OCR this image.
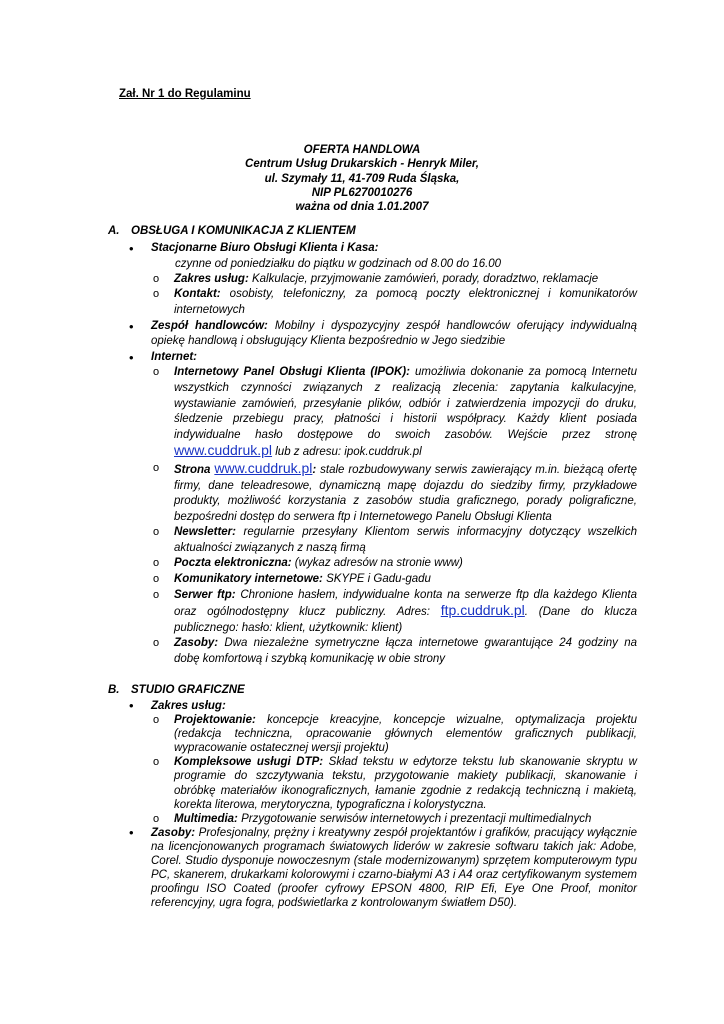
Zał. Nr 1 do Regulaminu

OFERTA HANDLOWA
Centrum Usług Drukarskich - Henryk Miler,
ul. Szymały 11, 41-709 Ruda Śląska,
NIP PL6270010276
ważna od dnia 1.01.2007

A. OBSŁUGA I KOMUNIKACJA Z KLIENTEM

• Stacjonarne Biuro Obsługi Klienta i Kasa:
czynne od poniedziałku do piątku w godzinach od 8.00 do 16.00
o Zakres usług: Kalkulacje, przyjmowanie zamówień, porady, doradztwo, reklamacje
o Kontakt: osobisty, telefoniczny, za pomocą poczty elektronicznej i komunikatorów internetowych
• Zespół handlowców: Mobilny i dyspozycyjny zespół handlowców oferujący indywidualną opiekę handlową i obsługujący Klienta bezpośrednio w Jego siedzibie
• Internet:
o Internetowy Panel Obsługi Klienta (IPOK): umożliwia dokonanie za pomocą Internetu wszystkich czynności związanych z realizacją zlecenia: zapytania kalkulacyjne, wystawianie zamówień, przesyłanie plików, odbiór i zatwierdzenia impozycji do druku, śledzenie przebiegu pracy, płatności i historii współpracy. Każdy klient posiada indywidualne hasło dostępowe do swoich zasobów. Wejście przez stronę www.cuddruk.pl lub z adresu: ipok.cuddruk.pl
o Strona www.cuddruk.pl: stale rozbudowywany serwis zawierający m.in. bieżącą ofertę firmy, dane teleadresowe, dynamiczną mapę dojazdu do siedziby firmy, przykładowe produkty, możliwość korzystania z zasobów studia graficznego, porady poligraficzne, bezpośredni dostęp do serwera ftp i Internetowego Panelu Obsługi Klienta
o Newsletter: regularnie przesyłany Klientom serwis informacyjny dotyczący wszelkich aktualności związanych z naszą firmą
o Poczta elektroniczna: (wykaz adresów na stronie www)
o Komunikatory internetowe: SKYPE i Gadu-gadu
o Serwer ftp: Chronione hasłem, indywidualne konta na serwerze ftp dla każdego Klienta oraz ogólnodostępny klucz publiczny. Adres: ftp.cuddruk.pl. (Dane do klucza publicznego: hasło: klient, użytkownik: klient)
o Zasoby: Dwa niezależne symetryczne łącza internetowe gwarantujące 24 godziny na dobę komfortową i szybką komunikację w obie strony

B. STUDIO GRAFICZNE

• Zakres usług:
o Projektowanie: koncepcje kreacyjne, koncepcje wizualne, optymalizacja projektu (redakcja techniczna, opracowanie głównych elementów graficznych publikacji, wypracowanie ostatecznej wersji projektu)
o Kompleksowe usługi DTP: Skład tekstu w edytorze tekstu lub skanowanie skryptu w programie do szczytywania tekstu, przygotowanie makiety publikacji, skanowanie i obróbkę materiałów ikonograficznych, łamanie zgodnie z redakcją techniczną i makietą, korekta literowa, merytoryczna, typograficzna i kolorystyczna.
o Multimedia: Przygotowanie serwisów internetowych i prezentacji multimedialnych
• Zasoby: Profesjonalny, prężny i kreatywny zespół projektantów i grafików, pracujący wyłącznie na licencjonowanych programach światowych liderów w zakresie softwaru takich jak: Adobe, Corel. Studio dysponuje nowoczesnym (stale modernizowanym) sprzętem komputerowym typu PC, skanerem, drukarkami kolorowymi i czarno-białymi A3 i A4 oraz certyfikowanym systemem proofingu ISO Coated (proofer cyfrowy EPSON 4800, RIP Efi, Eye One Proof, monitor referencyjny, ugra fogra, podświetlarka z kontrolowanym światłem D50).
